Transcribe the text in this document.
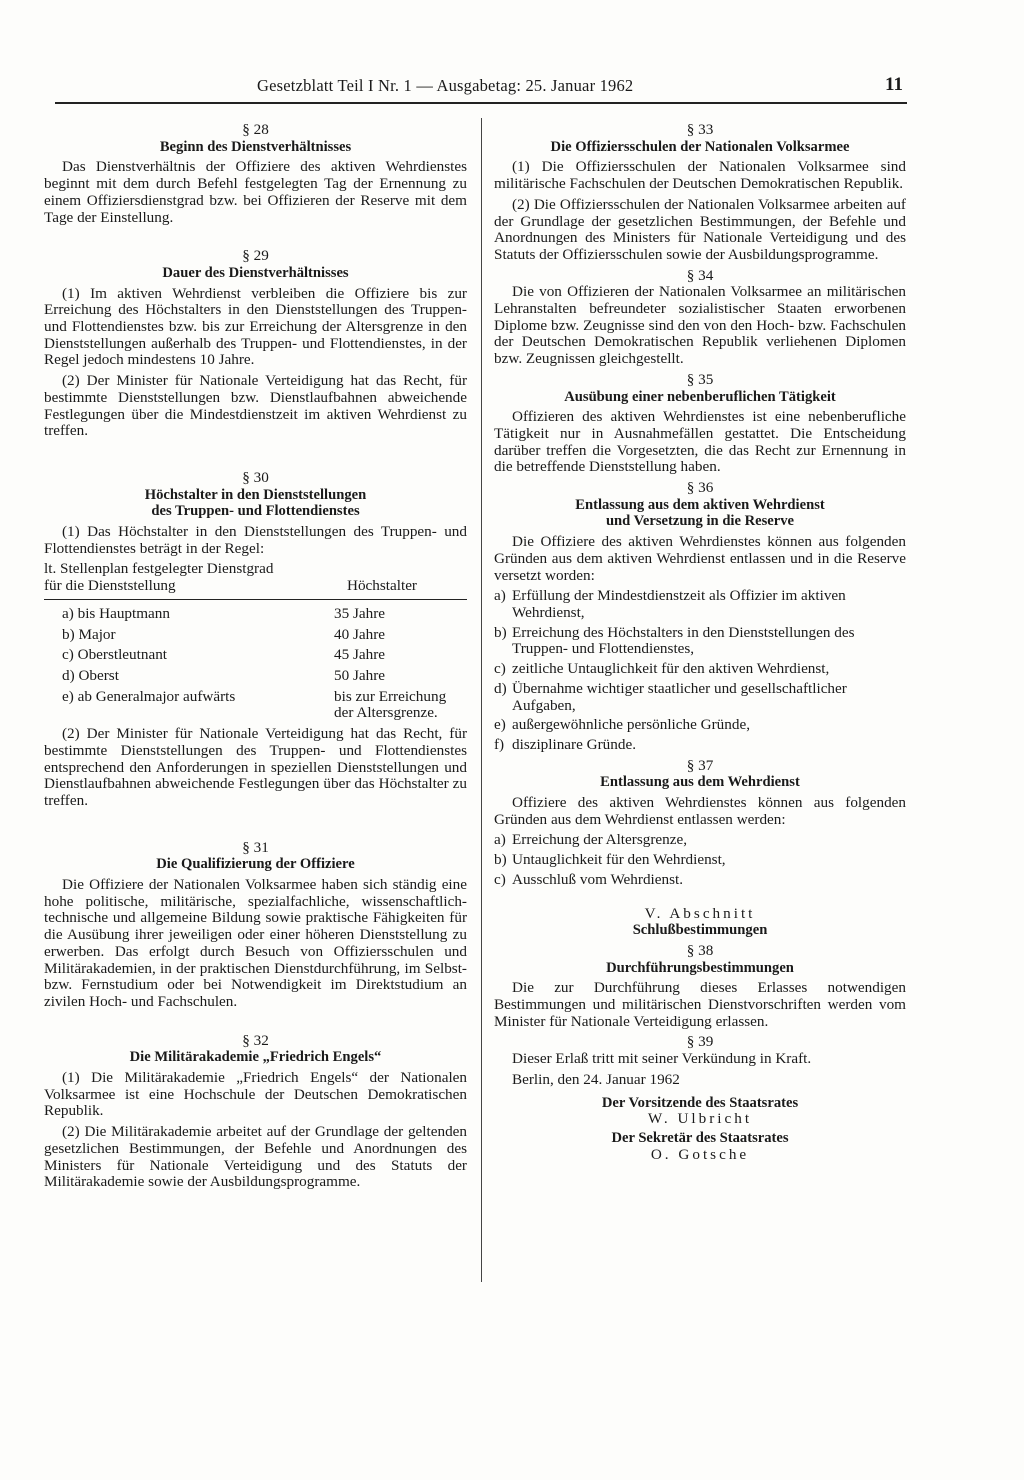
Gesetzblatt Teil I Nr. 1 — Ausgabetag: 25. Januar 1962	11
§ 28
Beginn des Dienstverhältnisses

Das Dienstverhältnis der Offiziere des aktiven Wehrdienstes beginnt mit dem durch Befehl festgelegten Tag der Ernennung zu einem Offiziersdienstgrad bzw. bei Offizieren der Reserve mit dem Tage der Einstellung.

§ 29
Dauer des Dienstverhältnisses

(1) Im aktiven Wehrdienst verbleiben die Offiziere bis zur Erreichung des Höchstalters in den Dienststellungen des Truppen- und Flottendienstes bzw. bis zur Erreichung der Altersgrenze in den Dienststellungen außerhalb des Truppen- und Flottendienstes, in der Regel jedoch mindestens 10 Jahre.

(2) Der Minister für Nationale Verteidigung hat das Recht, für bestimmte Dienststellungen bzw. Dienstlaufbahnen abweichende Festlegungen über die Mindestdienstzeit im aktiven Wehrdienst zu treffen.

§ 30
Höchstalter in den Dienststellungen
des Truppen- und Flottendienstes

(1) Das Höchstalter in den Dienststellungen des Truppen- und Flottendienstes beträgt in der Regel:

lt. Stellenplan festgelegter Dienstgrad
für die Dienststellung	Höchstalter
a) bis Hauptmann	35 Jahre
b) Major	40 Jahre
c) Oberstleutnant	45 Jahre
d) Oberst	50 Jahre
e) ab Generalmajor aufwärts	bis zur Erreichung der Altersgrenze.

(2) Der Minister für Nationale Verteidigung hat das Recht, für bestimmte Dienststellungen des Truppen- und Flottendienstes entsprechend den Anforderungen in speziellen Dienststellungen und Dienstlaufbahnen abweichende Festlegungen über das Höchstalter zu treffen.

§ 31
Die Qualifizierung der Offiziere

Die Offiziere der Nationalen Volksarmee haben sich ständig eine hohe politische, militärische, spezialfachliche, wissenschaftlich-technische und allgemeine Bildung sowie praktische Fähigkeiten für die Ausübung ihrer jeweiligen oder einer höheren Dienststellung zu erwerben. Das erfolgt durch Besuch von Offiziersschulen und Militärakademien, in der praktischen Dienstdurchführung, im Selbst- bzw. Fernstudium oder bei Notwendigkeit im Direktstudium an zivilen Hoch- und Fachschulen.

§ 32
Die Militärakademie „Friedrich Engels“

(1) Die Militärakademie „Friedrich Engels“ der Nationalen Volksarmee ist eine Hochschule der Deutschen Demokratischen Republik.

(2) Die Militärakademie arbeitet auf der Grundlage der geltenden gesetzlichen Bestimmungen, der Befehle und Anordnungen des Ministers für Nationale Verteidigung und des Statuts der Militärakademie sowie der Ausbildungsprogramme.

§ 33
Die Offiziersschulen der Nationalen Volksarmee

(1) Die Offiziersschulen der Nationalen Volksarmee sind militärische Fachschulen der Deutschen Demokratischen Republik.

(2) Die Offiziersschulen der Nationalen Volksarmee arbeiten auf der Grundlage der gesetzlichen Bestimmungen, der Befehle und Anordnungen des Ministers für Nationale Verteidigung und des Statuts der Offiziersschulen sowie der Ausbildungsprogramme.

§ 34

Die von Offizieren der Nationalen Volksarmee an militärischen Lehranstalten befreundeter sozialistischer Staaten erworbenen Diplome bzw. Zeugnisse sind den von den Hoch- bzw. Fachschulen der Deutschen Demokratischen Republik verliehenen Diplomen bzw. Zeugnissen gleichgestellt.

§ 35
Ausübung einer nebenberuflichen Tätigkeit

Offizieren des aktiven Wehrdienstes ist eine nebenberufliche Tätigkeit nur in Ausnahmefällen gestattet. Die Entscheidung darüber treffen die Vorgesetzten, die das Recht zur Ernennung in die betreffende Dienststellung haben.

§ 36
Entlassung aus dem aktiven Wehrdienst
und Versetzung in die Reserve

Die Offiziere des aktiven Wehrdienstes können aus folgenden Gründen aus dem aktiven Wehrdienst entlassen und in die Reserve versetzt worden:

a) Erfüllung der Mindestdienstzeit als Offizier im aktiven Wehrdienst,
b) Erreichung des Höchstalters in den Dienststellungen des Truppen- und Flottendienstes,
c) zeitliche Untauglichkeit für den aktiven Wehrdienst,
d) Übernahme wichtiger staatlicher und gesellschaftlicher Aufgaben,
e) außergewöhnliche persönliche Gründe,
f) disziplinare Gründe.
§ 37
Entlassung aus dem Wehrdienst

Offiziere des aktiven Wehrdienstes können aus folgenden Gründen aus dem Wehrdienst entlassen werden:

a) Erreichung der Altersgrenze,
b) Untauglichkeit für den Wehrdienst,
c) Ausschluß vom Wehrdienst.
V. Abschnitt
Schlußbestimmungen
§ 38
Durchführungsbestimmungen

Die zur Durchführung dieses Erlasses notwendigen Bestimmungen und militärischen Dienstvorschriften werden vom Minister für Nationale Verteidigung erlassen.

§ 39

Dieser Erlaß tritt mit seiner Verkündung in Kraft.

Berlin, den 24. Januar 1962

Der Vorsitzende des Staatsrates
W. Ulbricht
Der Sekretär des Staatsrates
O. Gotsche
